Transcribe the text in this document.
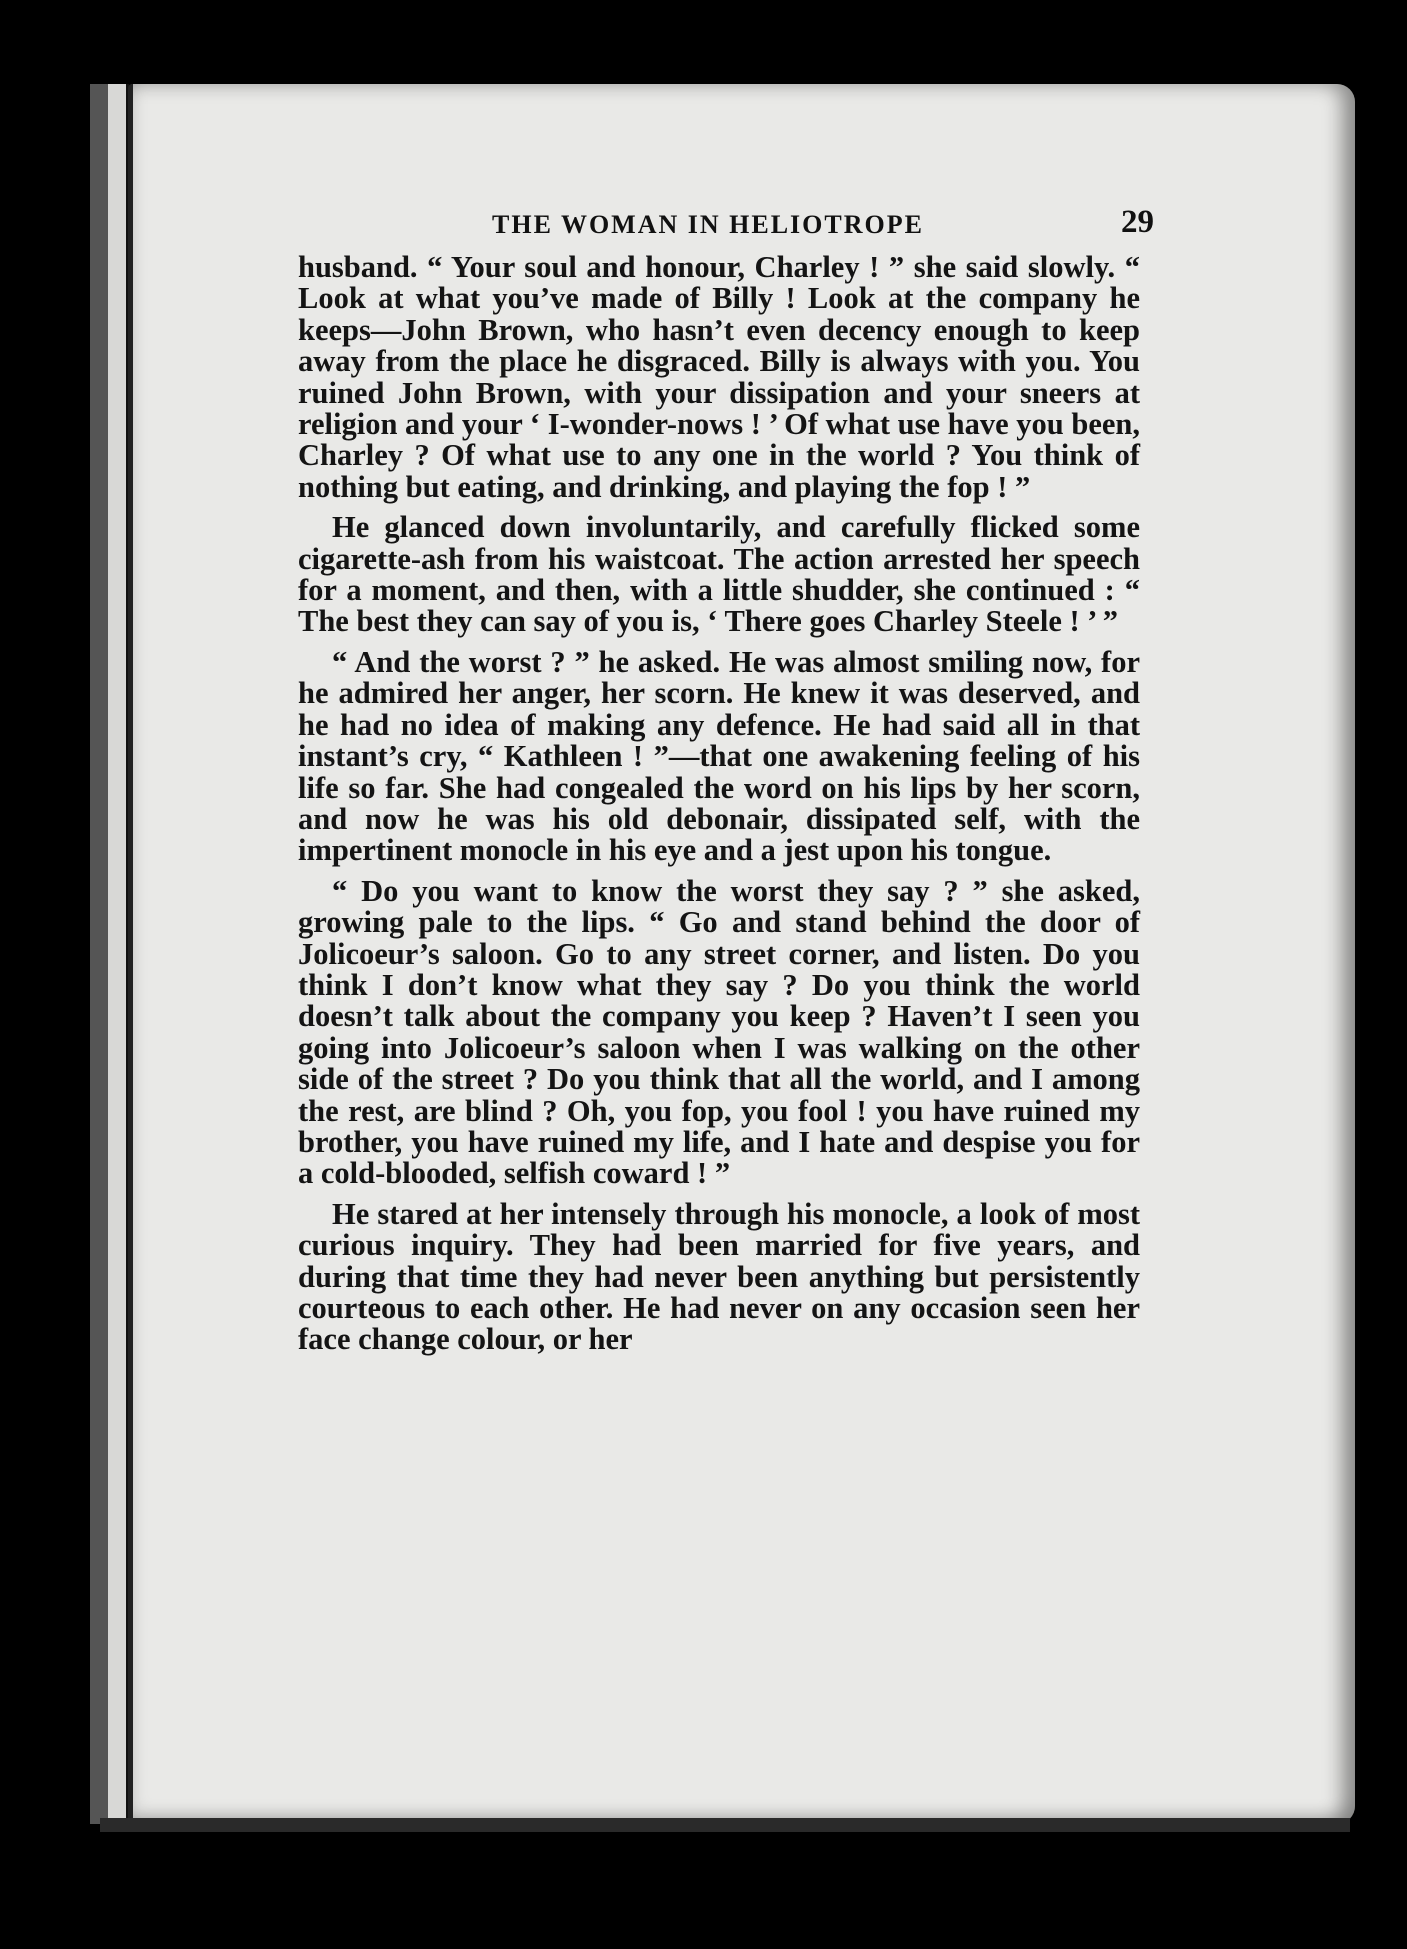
THE WOMAN IN HELIOTROPE	29

husband. “ Your soul and honour, Charley ! ” she said slowly. “ Look at what you’ve made of Billy ! Look at the company he keeps—John Brown, who hasn’t even decency enough to keep away from the place he disgraced. Billy is always with you. You ruined John Brown, with your dissipation and your sneers at religion and your ‘ I-wonder-nows ! ’ Of what use have you been, Charley ? Of what use to any one in the world ? You think of nothing but eating, and drinking, and playing the fop ! ”

He glanced down involuntarily, and carefully flicked some cigarette-ash from his waistcoat. The action arrested her speech for a moment, and then, with a little shudder, she continued : “ The best they can say of you is, ‘ There goes Charley Steele ! ’ ”

“ And the worst ? ” he asked. He was almost smiling now, for he admired her anger, her scorn. He knew it was deserved, and he had no idea of making any defence. He had said all in that instant’s cry, “ Kathleen ! ”—that one awakening feeling of his life so far. She had congealed the word on his lips by her scorn, and now he was his old debonair, dissipated self, with the impertinent monocle in his eye and a jest upon his tongue.

“ Do you want to know the worst they say ? ” she asked, growing pale to the lips. “ Go and stand behind the door of Jolicoeur’s saloon. Go to any street corner, and listen. Do you think I don’t know what they say ? Do you think the world doesn’t talk about the company you keep ? Haven’t I seen you going into Jolicoeur’s saloon when I was walking on the other side of the street ? Do you think that all the world, and I among the rest, are blind ? Oh, you fop, you fool ! you have ruined my brother, you have ruined my life, and I hate and despise you for a cold-blooded, selfish coward ! ”

He stared at her intensely through his monocle, a look of most curious inquiry. They had been married for five years, and during that time they had never been anything but persistently courteous to each other. He had never on any occasion seen her face change colour, or her
